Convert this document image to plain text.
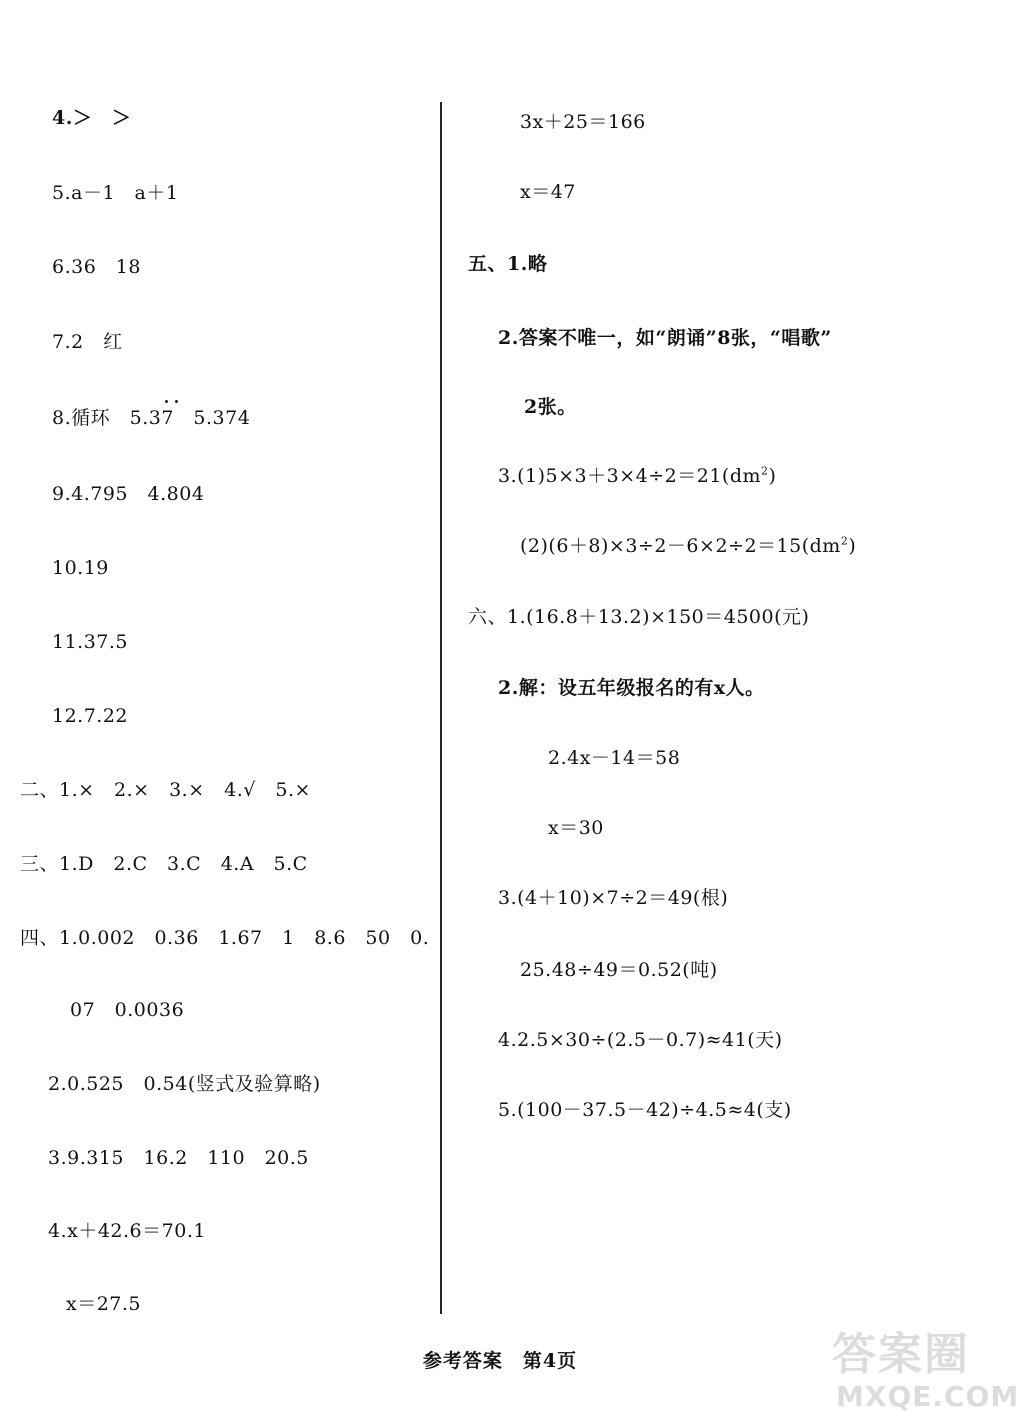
4.＞　＞
5.a－1　a＋1
6.36　18
7.2　红
8.循环　5.37　5.374
9.4.795　4.804
10.19
11.37.5
12.7.22
二、1.×　2.×　3.×　4.√　5.×
三、1.D　2.C　3.C　4.A　5.C
四、1.0.002　0.36　1.67　1　8.6　50　0.
07　0.0036
2.0.525　0.54(竖式及验算略)
3.9.315　16.2　110　20.5
4.x＋42.6＝70.1
x＝27.5
3x＋25＝166
x＝47
五、1.略
2.答案不唯一，如“朗诵”8张，“唱歌”
2张。
$3.(1)5\times 3+3\times 4\div 2=21(dm^2)$
$(2)(6+8)\times 3\div 2-6\times 2\div 2=15(dm^2)$
六、1.(16.8＋13.2)×150＝4500(元)
2.解：设五年级报名的有x人。
2.4x－14＝58
x＝30
3.(4＋10)×7÷2＝49(根)
25.48÷49＝0.52(吨)
4.2.5×30÷(2.5－0.7)≈41(天)
5.(100－37.5－42)÷4.5≈4(支)
参考答案　第4页	答案圈
MXQE.COM
